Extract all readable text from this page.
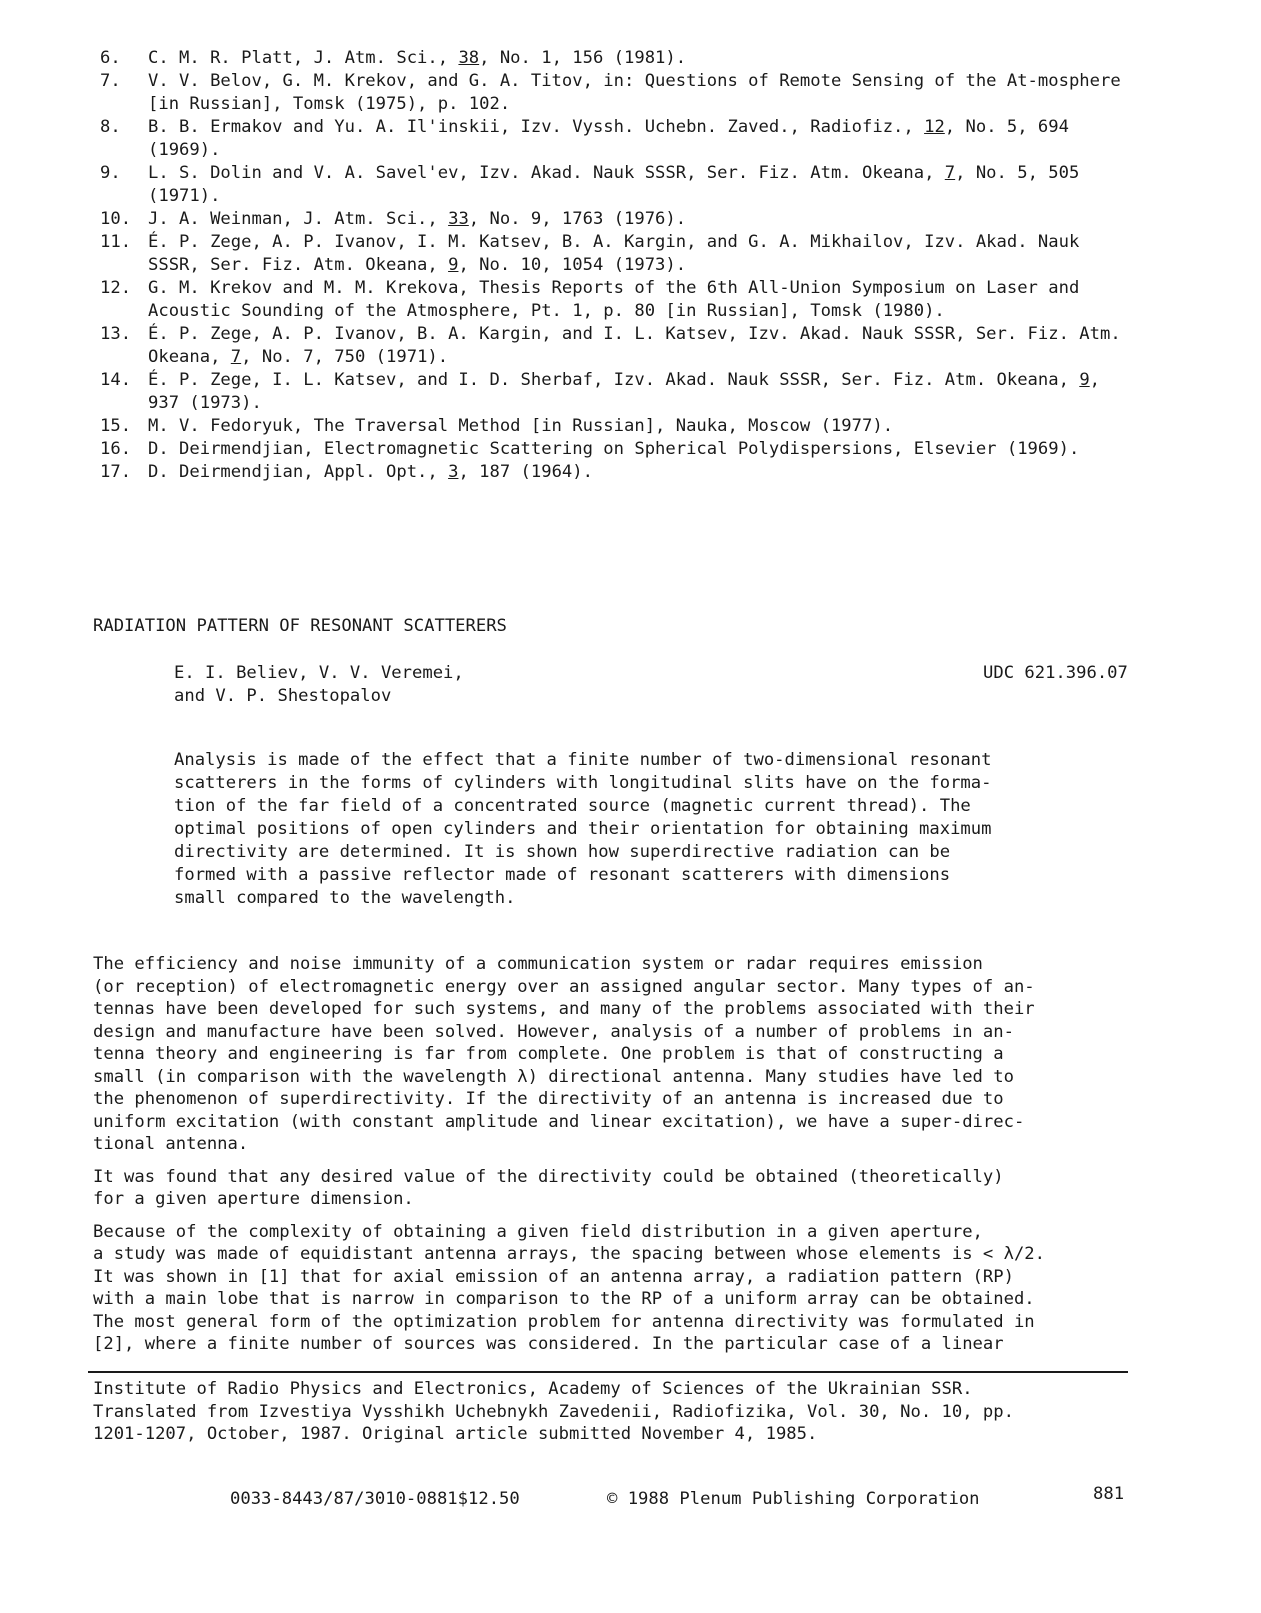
6.	C. M. R. Platt, J. Atm. Sci., 38, No. 1, 156 (1981).
7.	V. V. Belov, G. M. Krekov, and G. A. Titov, in: Questions of Remote Sensing of the At-mosphere [in Russian], Tomsk (1975), p. 102.
8.	B. B. Ermakov and Yu. A. Il'inskii, Izv. Vyssh. Uchebn. Zaved., Radiofiz., 12, No. 5, 694 (1969).
9.	L. S. Dolin and V. A. Savel'ev, Izv. Akad. Nauk SSSR, Ser. Fiz. Atm. Okeana, 7, No. 5, 505 (1971).
10. J. A. Weinman, J. Atm. Sci., 33, No. 9, 1763 (1976).
11. É. P. Zege, A. P. Ivanov, I. M. Katsev, B. A. Kargin, and G. A. Mikhailov, Izv. Akad. Nauk SSSR, Ser. Fiz. Atm. Okeana, 9, No. 10, 1054 (1973).
12. G. M. Krekov and M. M. Krekova, Thesis Reports of the 6th All-Union Symposium on Laser and Acoustic Sounding of the Atmosphere, Pt. 1, p. 80 [in Russian], Tomsk (1980).
13. É. P. Zege, A. P. Ivanov, B. A. Kargin, and I. L. Katsev, Izv. Akad. Nauk SSSR, Ser. Fiz. Atm. Okeana, 7, No. 7, 750 (1971).
14. É. P. Zege, I. L. Katsev, and I. D. Sherbaf, Izv. Akad. Nauk SSSR, Ser. Fiz. Atm. Okeana, 9, 937 (1973).
15. M. V. Fedoryuk, The Traversal Method [in Russian], Nauka, Moscow (1977).
16. D. Deirmendjian, Electromagnetic Scattering on Spherical Polydispersions, Elsevier (1969).
17. D. Deirmendjian, Appl. Opt., 3, 187 (1964).
RADIATION PATTERN OF RESONANT SCATTERERS
E. I. Believ, V. V. Veremei,
and V. P. Shestopalov
UDC 621.396.07

Analysis is made of the effect that a finite number of two-dimensional resonant
scatterers in the forms of cylinders with longitudinal slits have on the forma-
tion of the far field of a concentrated source (magnetic current thread). The
optimal positions of open cylinders and their orientation for obtaining maximum
directivity are determined. It is shown how superdirective radiation can be
formed with a passive reflector made of resonant scatterers with dimensions
small compared to the wavelength.

The efficiency and noise immunity of a communication system or radar requires emission
(or reception) of electromagnetic energy over an assigned angular sector. Many types of an-
tennas have been developed for such systems, and many of the problems associated with their
design and manufacture have been solved. However, analysis of a number of problems in an-
tenna theory and engineering is far from complete. One problem is that of constructing a
small (in comparison with the wavelength λ) directional antenna. Many studies have led to
the phenomenon of superdirectivity. If the directivity of an antenna is increased due to
uniform excitation (with constant amplitude and linear excitation), we have a super-direc-
tional antenna.

It was found that any desired value of the directivity could be obtained (theoretically)
for a given aperture dimension.

Because of the complexity of obtaining a given field distribution in a given aperture,
a study was made of equidistant antenna arrays, the spacing between whose elements is < λ/2.
It was shown in [1] that for axial emission of an antenna array, a radiation pattern (RP)
with a main lobe that is narrow in comparison to the RP of a uniform array can be obtained.
The most general form of the optimization problem for antenna directivity was formulated in
[2], where a finite number of sources was considered. In the particular case of a linear

Institute of Radio Physics and Electronics, Academy of Sciences of the Ukrainian SSR.
Translated from Izvestiya Vysshikh Uchebnykh Zavedenii, Radiofizika, Vol. 30, No. 10, pp.
1201-1207, October, 1987. Original article submitted November 4, 1985.

0033-8443/87/3010-0881$12.50	© 1988 Plenum Publishing Corporation	881
